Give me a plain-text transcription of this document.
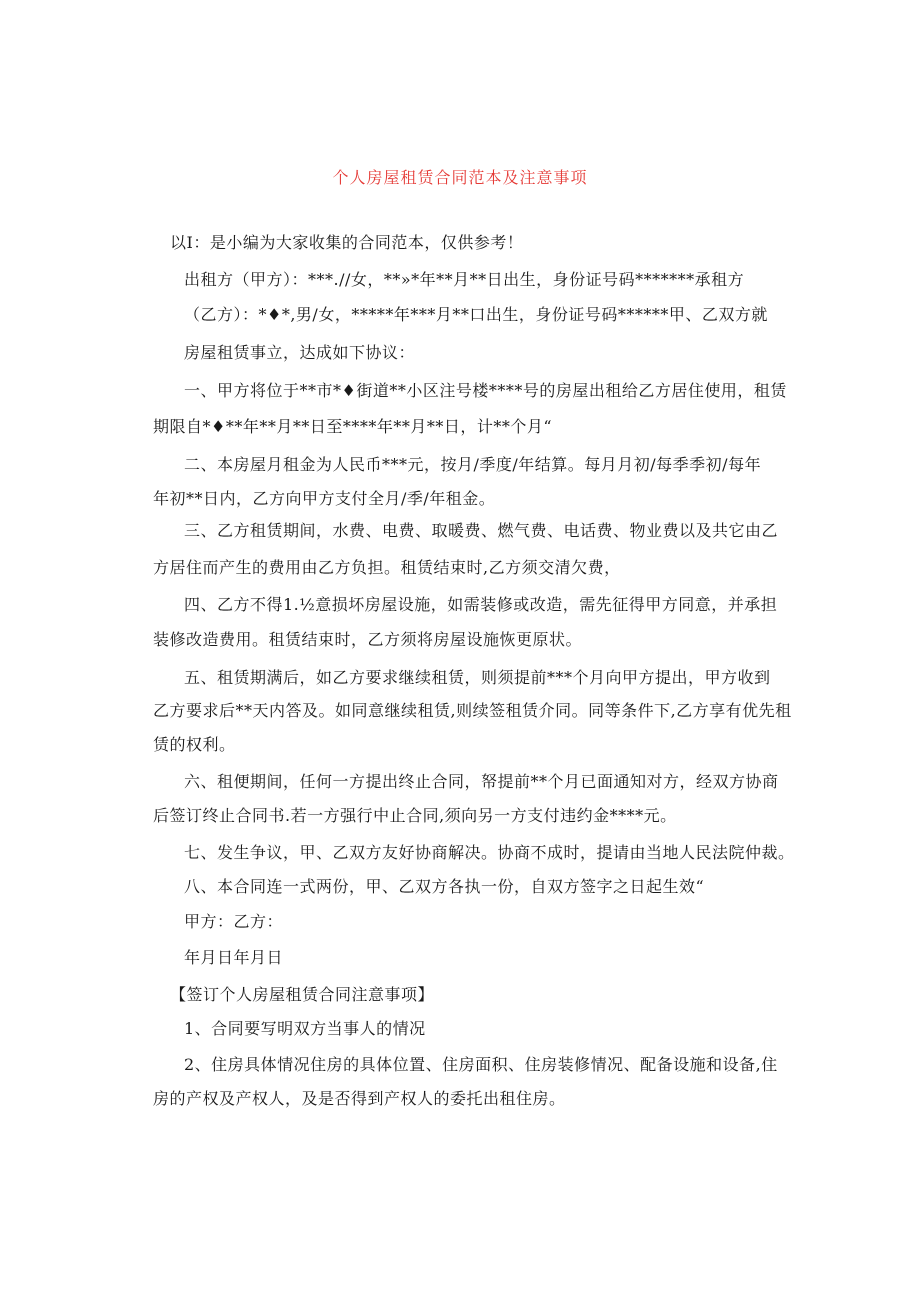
个人房屋租赁合同范本及注意事项
以I：是小编为大家收集的合同范本，仅供参考！
出租方（甲方）：***.//女，**»*年**月**日出生，身份证号码*******承租方
（乙方）：*♦*,男/女，*****年***月**口出生，身份证号码******甲、乙双方就
房屋租赁事立，达成如下协议：
一、甲方将位于**市*♦街道**小区注号楼****号的房屋出租给乙方居住使用，租赁
期限自*♦**年**月**日至****年**月**日，计**个月“
二、本房屋月租金为人民币***元，按月/季度/年结算。每月月初/每季季初/每年
年初**日内，乙方向甲方支付全月/季/年租金。
三、乙方租赁期间，水费、电费、取暖费、燃气费、电话费、物业费以及共它由乙
方居住而产生的费用由乙方负担。租赁结束时,乙方须交清欠费，
四、乙方不得1.½意损坏房屋设施，如需装修或改造，需先征得甲方同意，并承担
装修改造费用。租赁结束时，乙方须将房屋设施恢更原状。
五、租赁期满后，如乙方要求继续租赁，则须提前***个月向甲方提出，甲方收到
乙方要求后**天内答及。如同意继续租赁,则续签租赁介同。同等条件下,乙方享有优先租
赁的权利。
六、租便期间，任何一方提出终止合同，帑提前**个月已面通知对方，经双方协商
后签订终止合同书.若一方强行中止合同,须向另一方支付违约金****元。
七、发生争议，甲、乙双方友好协商解决。协商不成时，提请由当地人民法院仲裁。
八、本合同连一式两份，甲、乙双方各执一份，自双方签字之日起生效“
甲方：乙方：
年月日年月日
【签订个人房屋租赁合同注意事项】
1、合同要写明双方当事人的情况
2、住房具体情况住房的具体位置、住房面积、住房装修情况、配备设施和设备,住
房的产权及产权人，及是否得到产权人的委托出租住房。
